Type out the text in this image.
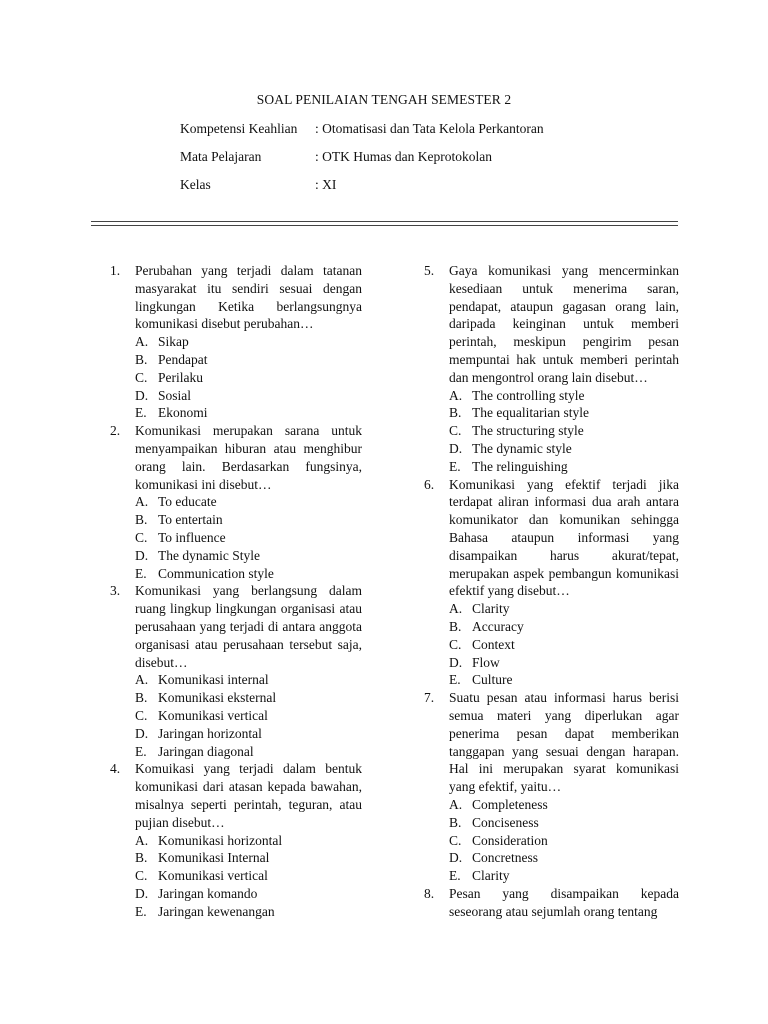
SOAL PENILAIAN TENGAH SEMESTER 2
Kompetensi Keahlian : Otomatisasi dan Tata Kelola Perkantoran
Mata Pelajaran	: OTK Humas dan Keprotokolan
Kelas	: XI
1. Perubahan yang terjadi dalam tatanan masyarakat itu sendiri sesuai dengan lingkungan Ketika berlangsungnya komunikasi disebut perubahan…
A. Sikap
B. Pendapat
C. Perilaku
D. Sosial
E. Ekonomi
2. Komunikasi merupakan sarana untuk menyampaikan hiburan atau menghibur orang lain. Berdasarkan fungsinya, komunikasi ini disebut…
A. To educate
B. To entertain
C. To influence
D. The dynamic Style
E. Communication style
3. Komunikasi yang berlangsung dalam ruang lingkup lingkungan organisasi atau perusahaan yang terjadi di antara anggota organisasi atau perusahaan tersebut saja, disebut…
A. Komunikasi internal
B. Komunikasi eksternal
C. Komunikasi vertical
D. Jaringan horizontal
E. Jaringan diagonal
4. Komuikasi yang terjadi dalam bentuk komunikasi dari atasan kepada bawahan, misalnya seperti perintah, teguran, atau pujian disebut…
A. Komunikasi horizontal
B. Komunikasi Internal
C. Komunikasi vertical
D. Jaringan komando
E. Jaringan kewenangan
5. Gaya komunikasi yang mencerminkan kesediaan untuk menerima saran, pendapat, ataupun gagasan orang lain, daripada keinginan untuk memberi perintah, meskipun pengirim pesan mempuntai hak untuk memberi perintah dan mengontrol orang lain disebut…
A. The controlling style
B. The equalitarian style
C. The structuring style
D. The dynamic style
E. The relinguishing
6. Komunikasi yang efektif terjadi jika terdapat aliran informasi dua arah antara komunikator dan komunikan sehingga Bahasa ataupun informasi yang disampaikan harus akurat/tepat, merupakan aspek pembangun komunikasi efektif yang disebut…
A. Clarity
B. Accuracy
C. Context
D. Flow
E. Culture
7. Suatu pesan atau informasi harus berisi semua materi yang diperlukan agar penerima pesan dapat memberikan tanggapan yang sesuai dengan harapan. Hal ini merupakan syarat komunikasi yang efektif, yaitu…
A. Completeness
B. Conciseness
C. Consideration
D. Concretness
E. Clarity
8. Pesan yang disampaikan kepada seseorang atau sejumlah orang tentang
